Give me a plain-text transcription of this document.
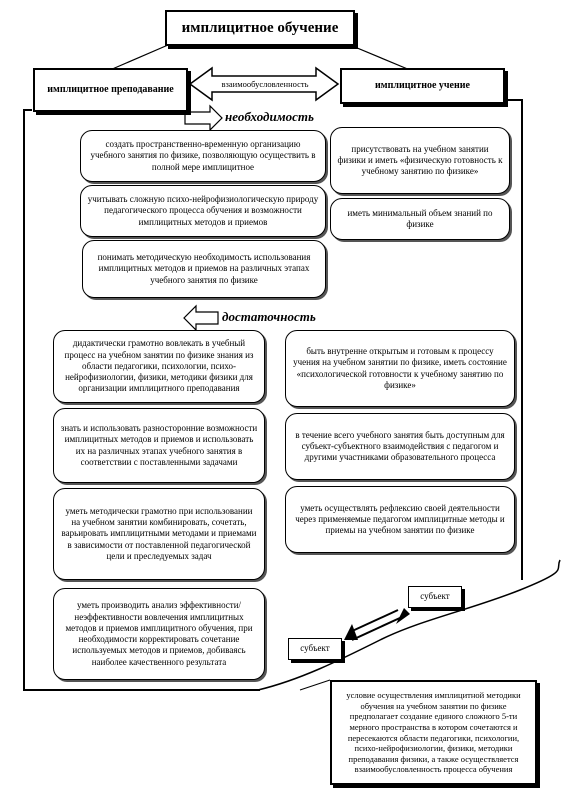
имплицитное обучение
имплицитное преподавание	имплицитное учение
взаимообусловленность
необходимость
создать пространственно-временную организацию учебного занятия по физике, позволяющую осуществить в полной мере имплицитное
учитывать сложную психо-нейрофизиологическую природу педагогического процесса обучения и возможности имплицитных методов и приемов
понимать методическую необходимость использования имплицитных методов и приемов на различных этапах учебного занятия по физике
присутствовать на учебном занятии физики и иметь «физическую готовность к учебному занятию по физике»
иметь минимальный объем знаний по физике
достаточность
дидактически грамотно вовлекать в учебный процесс на учебном занятии по физике знания из области педагогики, психологии, психо-нейрофизиологии, физики, методики физики для организации имплицитного преподавания
знать и использовать разносторонние возможности имплицитных методов и приемов и использовать их на различных этапах учебного занятия в соответствии с поставленными задачами
уметь методически грамотно при использовании на учебном занятии комбинировать, сочетать, варьировать имплицитными методами и приемами в зависимости от поставленной педагогической цели и преследуемых задач
уметь производить анализ эффективности/ неэффективности вовлечения имплицитных методов и приемов имплицитного обучения, при необходимости корректировать сочетание используемых методов и приемов, добиваясь наиболее качественного результата
быть внутренне открытым и готовым к процессу учения на учебном занятии по физике, иметь состояние «психологической готовности к учебному занятию по физике»
в течение всего учебного занятия быть доступным для субъект-субъектного взаимодействия с педагогом и другими участниками образовательного процесса
уметь осуществлять рефлексию своей деятельности через применяемые педагогом имплицитные методы и приемы на учебном занятии по физике
субъект
субъект
условие осуществления имплицитной методики обучения на учебном занятии по физике предполагает создание единого сложного 5-ти мерного пространства в котором сочетаются и пересекаются области педагогики, психологии, психо-нейрофизиологии, физики, методики преподавания физики, а также осуществляется взаимообусловленность процесса обучения
